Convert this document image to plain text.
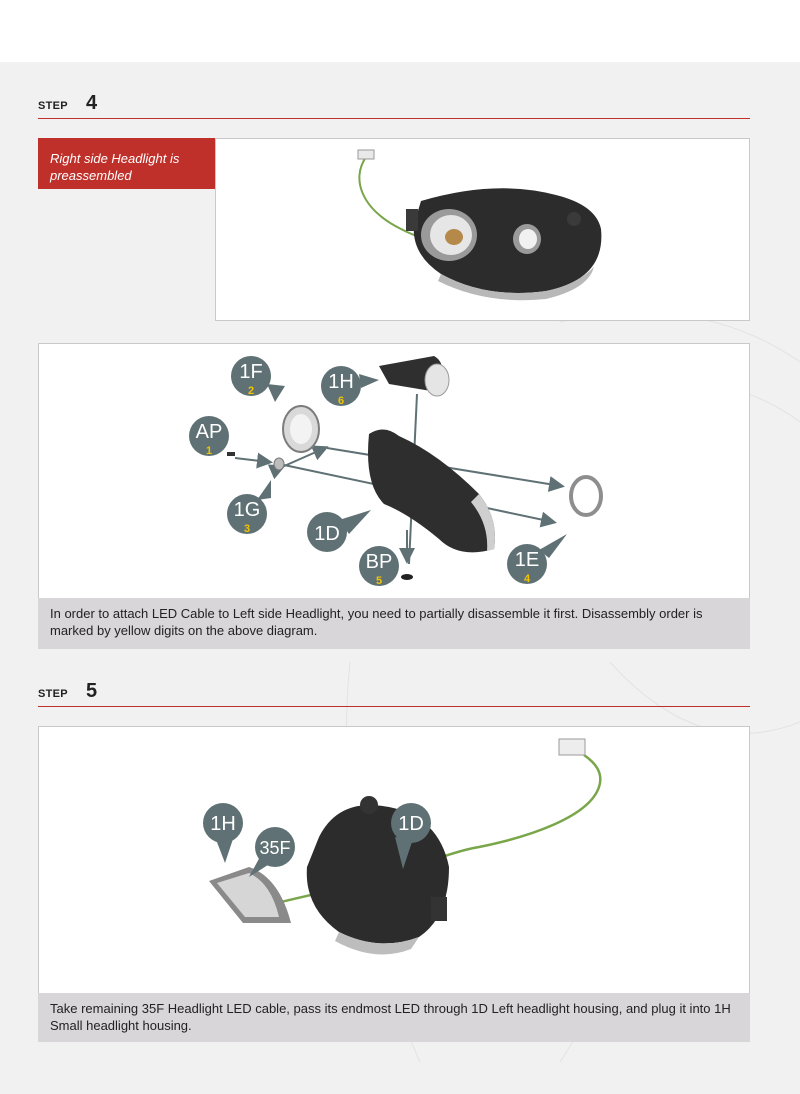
step 4
Right side Headlight is preassembled
1F
2	1H
6
AP
1
1G
3	1D
BP
5
1E
4
In order to attach LED Cable to Left side Headlight, you need to partially disassemble it first. Disassembly order is marked by yellow digits on the above diagram.
step 5
1H
35F
1D
Take remaining 35F Headlight LED cable, pass its endmost LED through 1D Left headlight housing, and plug it into 1H Small headlight housing.
